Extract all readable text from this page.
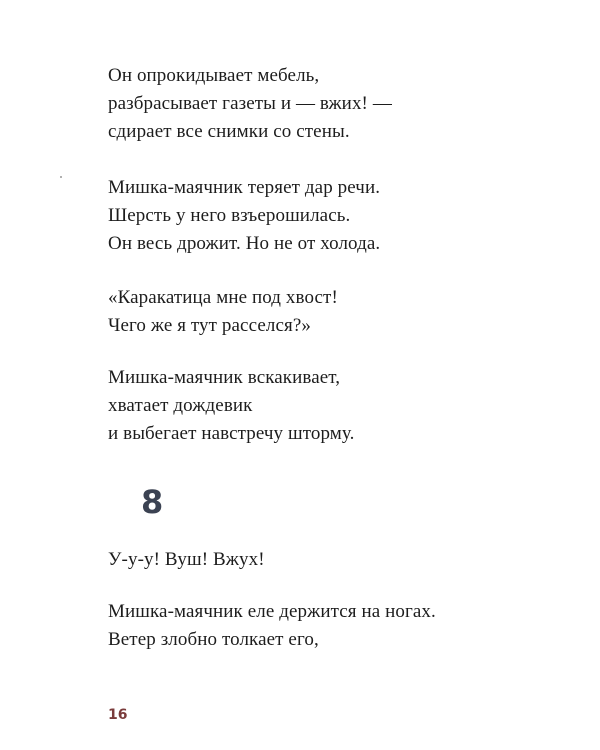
Он опрокидывает мебель,
разбрасывает газеты и — вжих! —
сдирает все снимки со стены.

Мишка-маячник теряет дар речи.
Шерсть у него взъерошилась.
Он весь дрожит. Но не от холода.

«Каракатица мне под хвост!
Чего же я тут расселся?»

Мишка-маячник вскакивает,
хватает дождевик
и выбегает навстречу шторму.

8

У-у-у! Вуш! Вжух!

Мишка-маячник еле держится на ногах.
Ветер злобно толкает его,

16
